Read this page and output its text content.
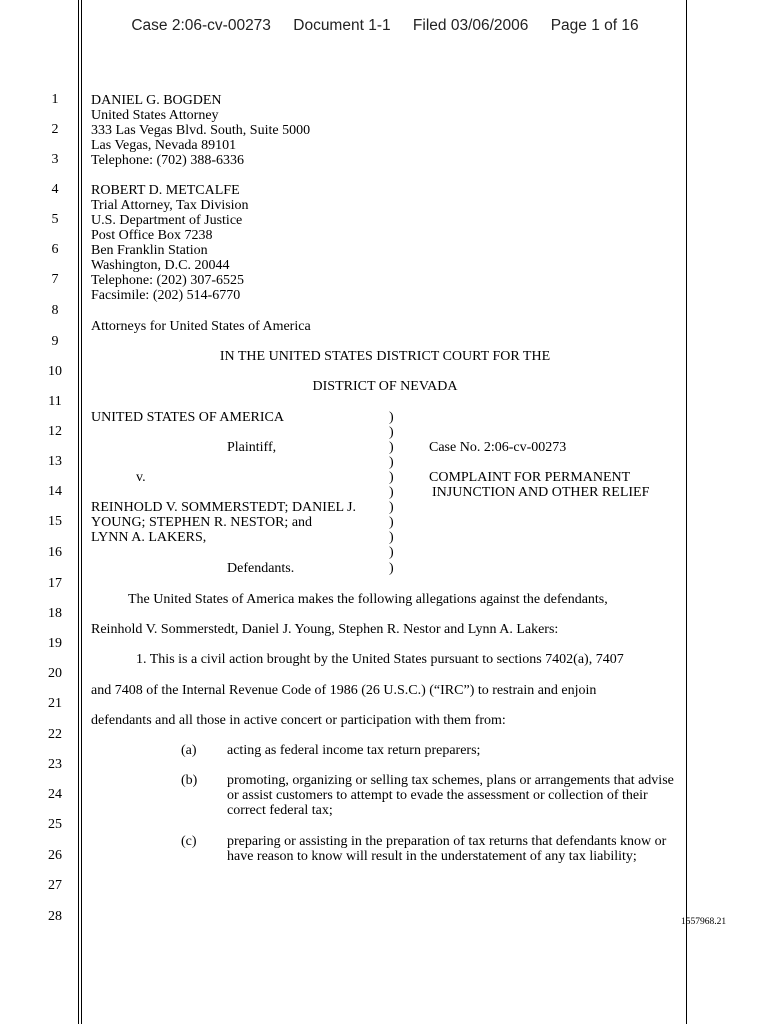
Case 2:06-cv-00273 Document 1-1 Filed 03/06/2006 Page 1 of 16
1
2
3
4
5
6
7
8
9
10
11
12
13
14
15
16
17
18
19
20
21
22
23
24
25
26
27
28
DANIEL G. BOGDEN
United States Attorney
333 Las Vegas Blvd. South, Suite 5000
Las Vegas, Nevada 89101
Telephone: (702) 388-6336
ROBERT D. METCALFE
Trial Attorney, Tax Division
U.S. Department of Justice
Post Office Box 7238
Ben Franklin Station
Washington, D.C. 20044
Telephone: (202) 307-6525
Facsimile: (202) 514-6770
Attorneys for United States of America
IN THE UNITED STATES DISTRICT COURT FOR THE
DISTRICT OF NEVADA
UNITED STATES OF AMERICA
Plaintiff,
v.
REINHOLD V. SOMMERSTEDT; DANIEL J.
YOUNG; STEPHEN R. NESTOR; and
LYNN A. LAKERS,
Defendants.
)
)
)
)
)
)
)
)
)
)
)
Case No. 2:06-cv-00273
COMPLAINT FOR PERMANENT
INJUNCTION AND OTHER RELIEF
The United States of America makes the following allegations against the defendants,
Reinhold V. Sommerstedt, Daniel J. Young, Stephen R. Nestor and Lynn A. Lakers:
1. This is a civil action brought by the United States pursuant to sections 7402(a), 7407
and 7408 of the Internal Revenue Code of 1986 (26 U.S.C.) (“IRC”) to restrain and enjoin
defendants and all those in active concert or participation with them from:
(a) acting as federal income tax return preparers;
(b) promoting, organizing or selling tax schemes, plans or arrangements that advise or assist customers to attempt to evade the assessment or collection of their correct federal tax;
(c) preparing or assisting in the preparation of tax returns that defendants know or have reason to know will result in the understatement of any tax liability;
1557968.21
